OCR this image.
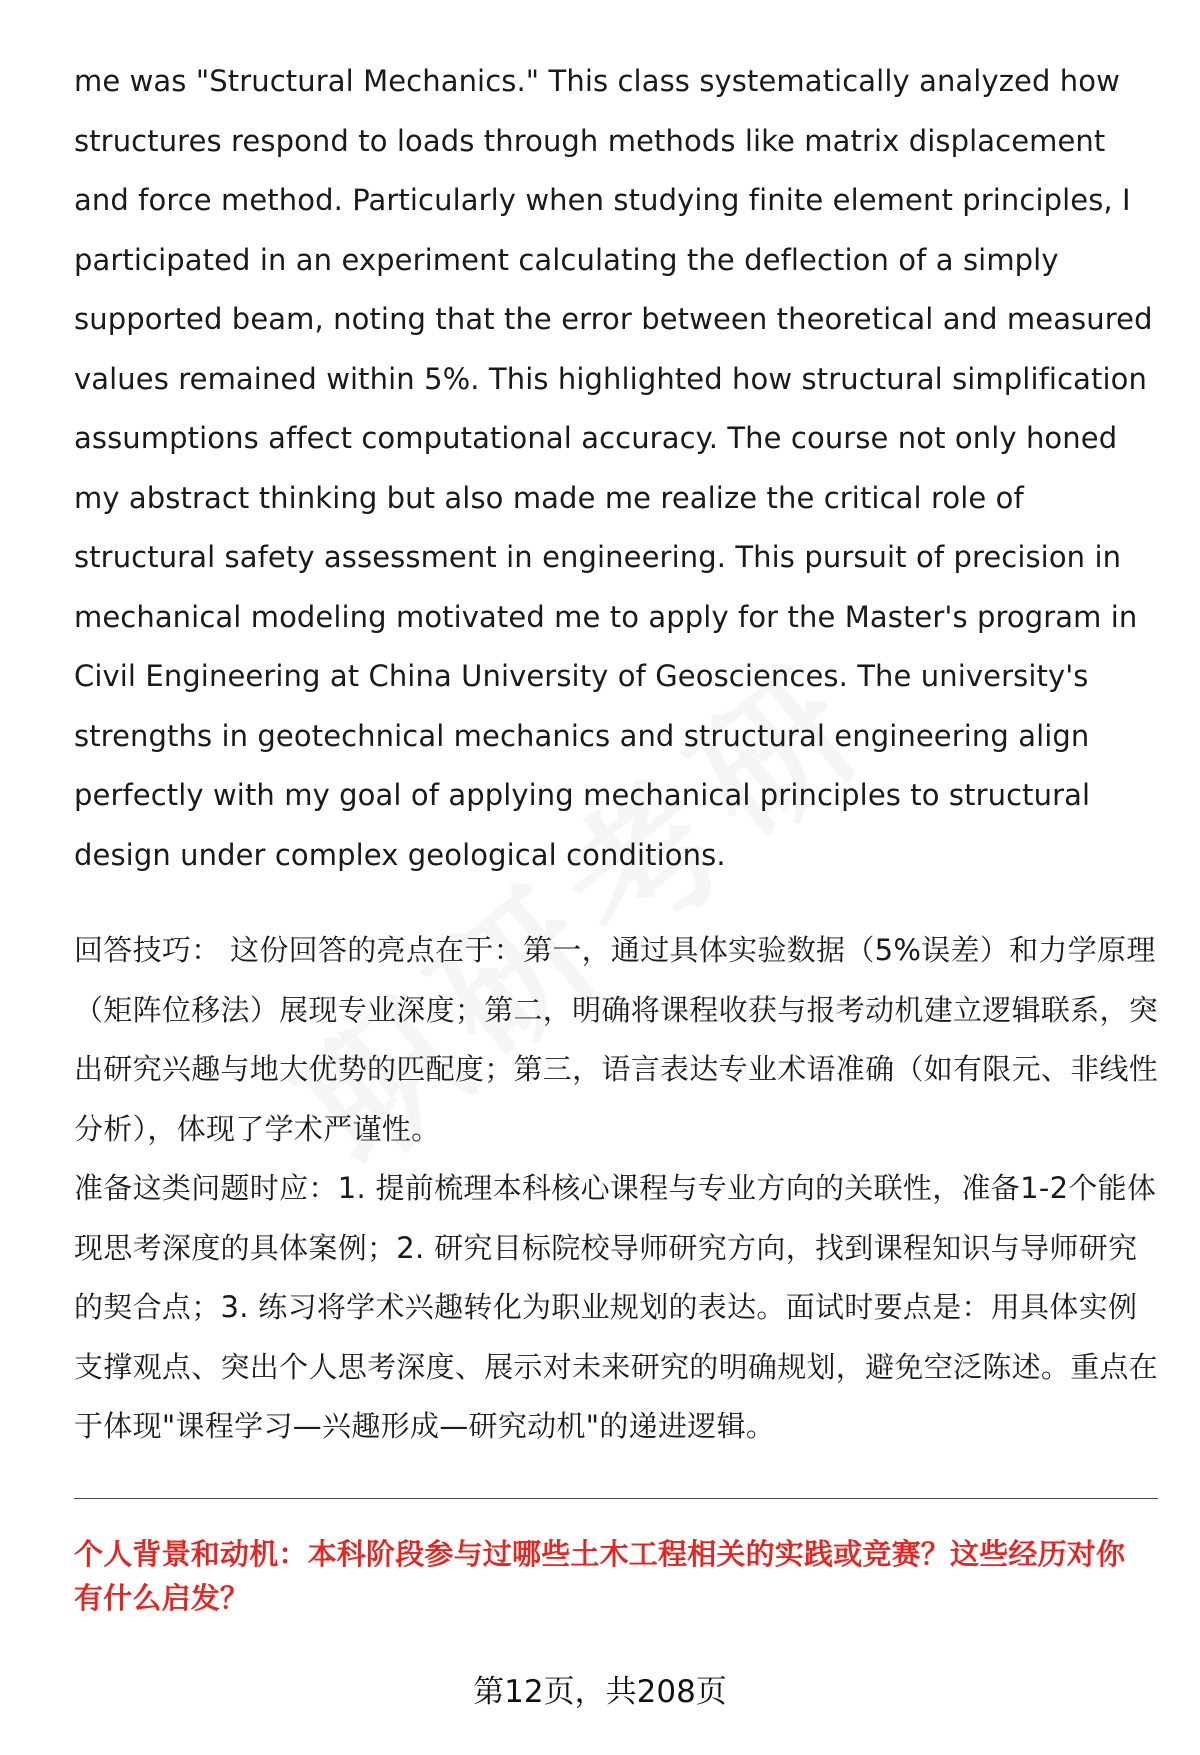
me was "Structural Mechanics." This class systematically analyzed how structures respond to loads through methods like matrix displacement and force method. Particularly when studying finite element principles, I participated in an experiment calculating the deflection of a simply supported beam, noting that the error between theoretical and measured values remained within 5%. This highlighted how structural simplification assumptions affect computational accuracy. The course not only honed my abstract thinking but also made me realize the critical role of structural safety assessment in engineering. This pursuit of precision in mechanical modeling motivated me to apply for the Master's program in Civil Engineering at China University of Geosciences. The university's strengths in geotechnical mechanics and structural engineering align perfectly with my goal of applying mechanical principles to structural design under complex geological conditions.

回答技巧： 这份回答的亮点在于：第一，通过具体实验数据（5%误差）和力学原理（矩阵位移法）展现专业深度；第二，明确将课程收获与报考动机建立逻辑联系，突出研究兴趣与地大优势的匹配度；第三，语言表达专业术语准确（如有限元、非线性分析），体现了学术严谨性。

准备这类问题时应：1. 提前梳理本科核心课程与专业方向的关联性，准备1-2个能体现思考深度的具体案例；2. 研究目标院校导师研究方向，找到课程知识与导师研究的契合点；3. 练习将学术兴趣转化为职业规划的表达。面试时要点是：用具体实例支撑观点、突出个人思考深度、展示对未来研究的明确规划，避免空泛陈述。重点在于体现"课程学习—兴趣形成—研究动机"的递进逻辑。

个人背景和动机：本科阶段参与过哪些土木工程相关的实践或竞赛？这些经历对你有什么启发？

第12页，共208页
